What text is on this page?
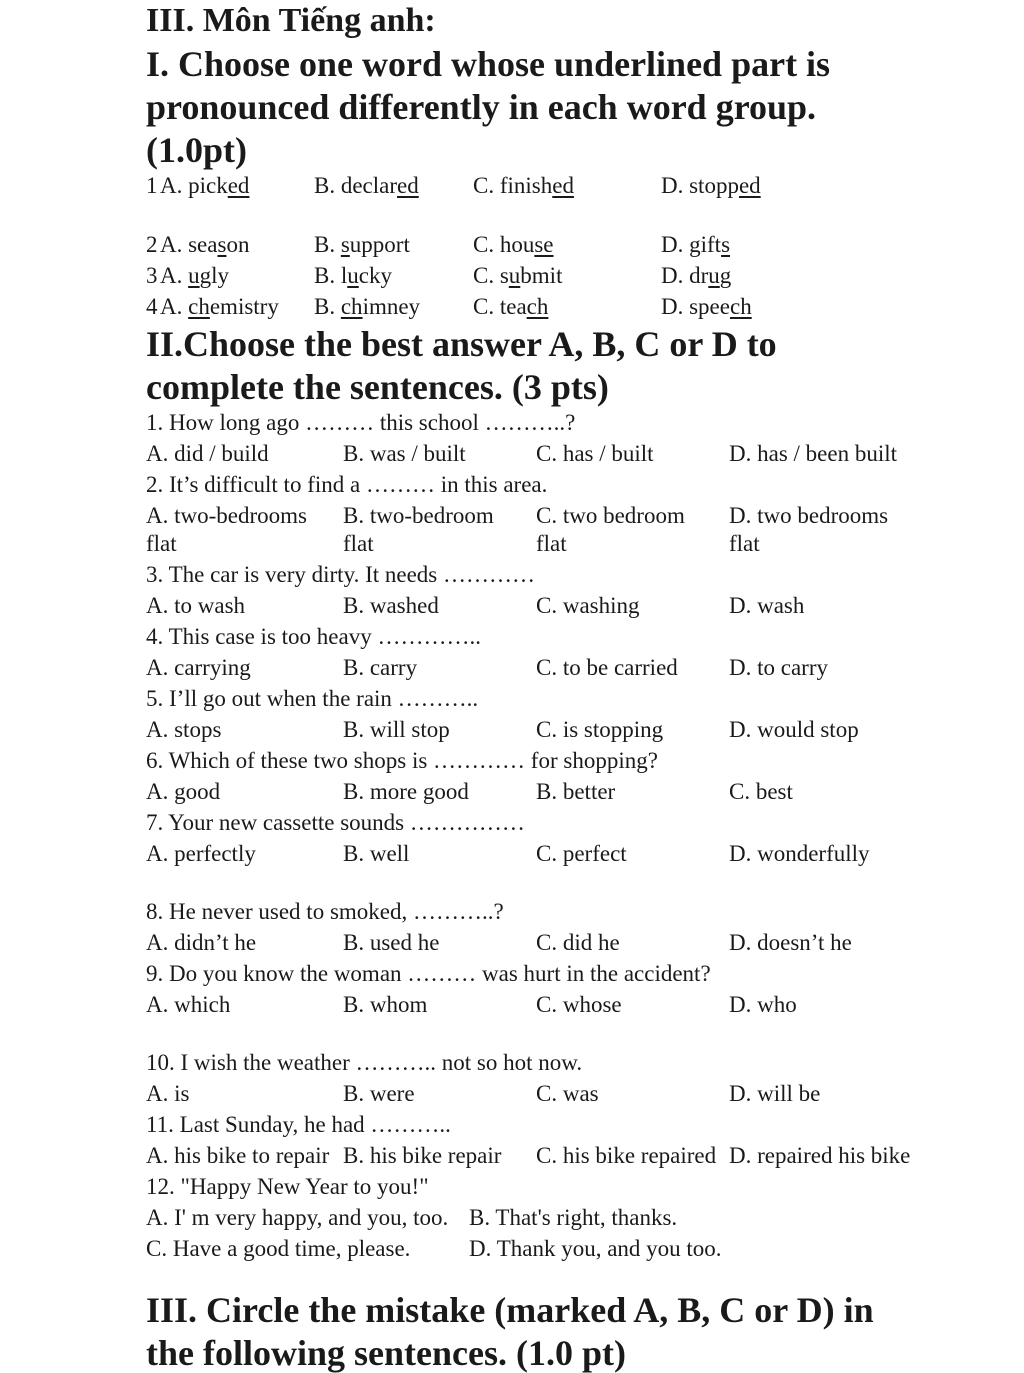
III. Môn Tiếng anh:
I. Choose one word whose underlined part is
pronounced differently in each word group.
(1.0pt)
1 A. picked	B. declared C. finished	D. stopped
2 A. season	B. support	C. house	D. gifts
3 A. ugly	B. lucky	C. submit	D. drug
4 A. chemistry B. chimney C. teach	D. speech
II.Choose the best answer A, B, C or D to
complete the sentences. (3 pts)
1. How long ago ……… this school ………..?
A. did / build	B. was / built	C. has / built	D. has / been built
2. It’s difficult to find a ……… in this area.
A. two-bedrooms B. two-bedroom C. two bedroom D. two bedrooms
flat	flat	flat	flat
3. The car is very dirty. It needs …………
A. to wash	B. washed	C. washing	D. wash
4. This case is too heavy …………..
A. carrying	B. carry	C. to be carried D. to carry
5. I’ll go out when the rain ………..
A. stops	B. will stop	C. is stopping	D. would stop
6. Which of these two shops is ………… for shopping?
A. good	B. more good	B. better	C. best
7. Your new cassette sounds ……………
A. perfectly	B. well	C. perfect	D. wonderfully
8. He never used to smoked, ………..?
A. didn’t he	B. used he	C. did he	D. doesn’t he
9. Do you know the woman ……… was hurt in the accident?
A. which	B. whom	C. whose	D. who
10. I wish the weather ……….. not so hot now.
A. is	B. were	C. was	D. will be
11. Last Sunday, he had ………..
A. his bike to repair B. his bike repair C. his bike repaired D. repaired his bike
12. "Happy New Year to you!"
A. I' m very happy, and you, too. B. That's right, thanks.
C. Have a good time, please.	D. Thank you, and you too.
III. Circle the mistake (marked A, B, C or D) in
the following sentences. (1.0 pt)
